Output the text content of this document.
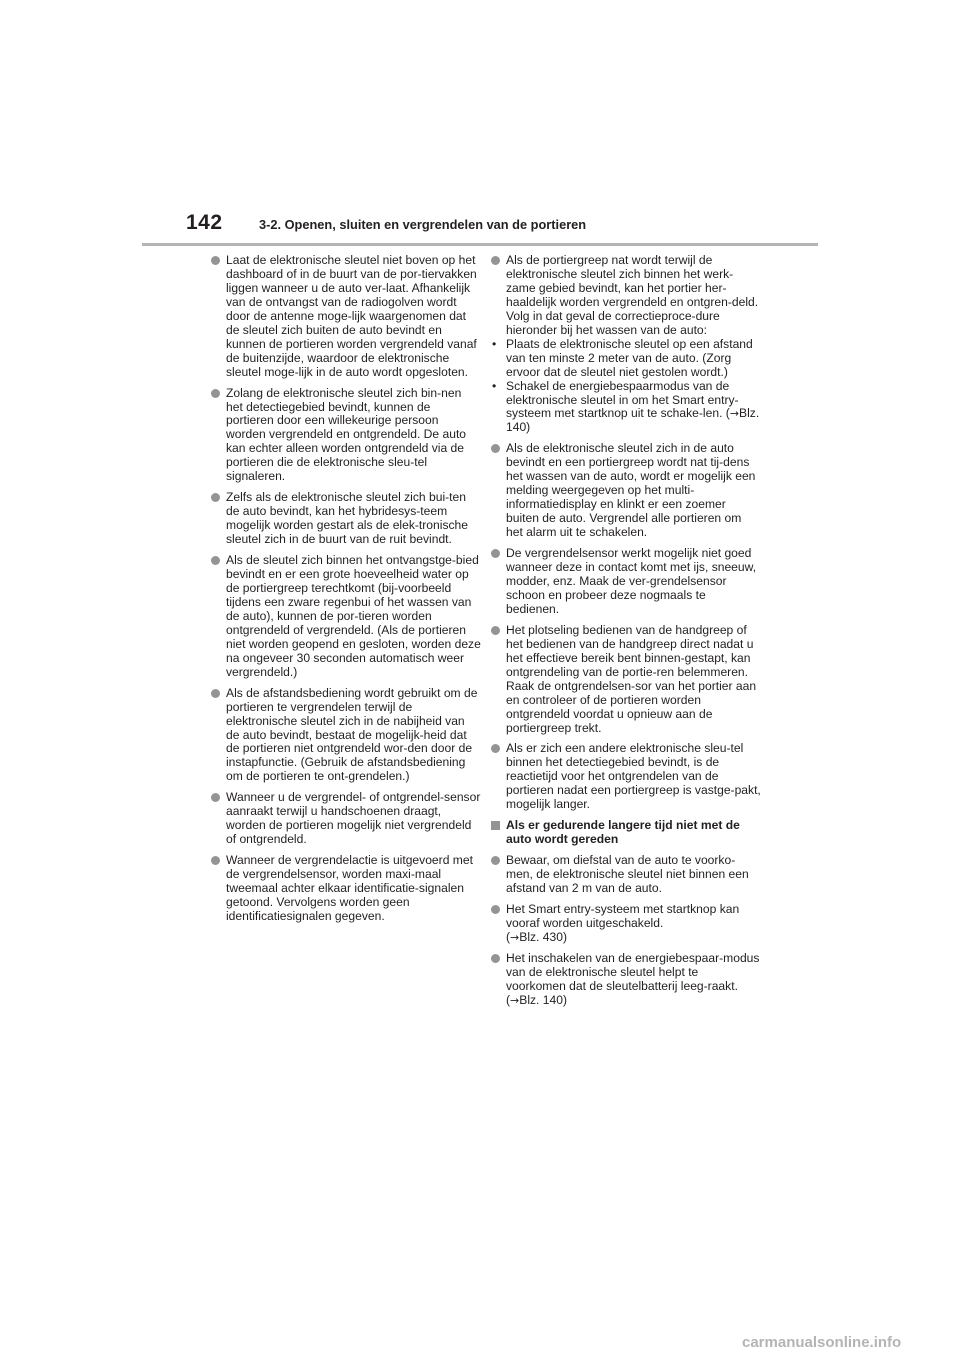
142	3-2. Openen, sluiten en vergrendelen van de portieren
Laat de elektronische sleutel niet boven op het dashboard of in de buurt van de por-tiervakken liggen wanneer u de auto ver-laat. Afhankelijk van de ontvangst van de radiogolven wordt door de antenne moge-lijk waargenomen dat de sleutel zich buiten de auto bevindt en kunnen de portieren worden vergrendeld vanaf de buitenzijde, waardoor de elektronische sleutel moge-lijk in de auto wordt opgesloten.
Zolang de elektronische sleutel zich bin-nen het detectiegebied bevindt, kunnen de portieren door een willekeurige persoon worden vergrendeld en ontgrendeld. De auto kan echter alleen worden ontgrendeld via de portieren die de elektronische sleu-tel signaleren.
Zelfs als de elektronische sleutel zich bui-ten de auto bevindt, kan het hybridesys-teem mogelijk worden gestart als de elek-tronische sleutel zich in de buurt van de ruit bevindt.
Als de sleutel zich binnen het ontvangstge-bied bevindt en er een grote hoeveelheid water op de portiergreep terechtkomt (bij-voorbeeld tijdens een zware regenbui of het wassen van de auto), kunnen de por-tieren worden ontgrendeld of vergrendeld. (Als de portieren niet worden geopend en gesloten, worden deze na ongeveer 30 seconden automatisch weer vergrendeld.)
Als de afstandsbediening wordt gebruikt om de portieren te vergrendelen terwijl de elektronische sleutel zich in de nabijheid van de auto bevindt, bestaat de mogelijk-heid dat de portieren niet ontgrendeld wor-den door de instapfunctie. (Gebruik de afstandsbediening om de portieren te ont-grendelen.)
Wanneer u de vergrendel- of ontgrendel-sensor aanraakt terwijl u handschoenen draagt, worden de portieren mogelijk niet vergrendeld of ontgrendeld.
Wanneer de vergrendelactie is uitgevoerd met de vergrendelsensor, worden maxi-maal tweemaal achter elkaar identificatie-signalen getoond. Vervolgens worden geen identificatiesignalen gegeven.
Als de portiergreep nat wordt terwijl de elektronische sleutel zich binnen het werk-zame gebied bevindt, kan het portier her-haaldelijk worden vergrendeld en ontgren-deld. Volg in dat geval de correctieproce-dure hieronder bij het wassen van de auto:
• Plaats de elektronische sleutel op een afstand van ten minste 2 meter van de auto. (Zorg ervoor dat de sleutel niet gestolen wordt.)
• Schakel de energiebespaarmodus van de elektronische sleutel in om het Smart entry-systeem met startknop uit te schake-len. (→Blz. 140)
Als de elektronische sleutel zich in de auto bevindt en een portiergreep wordt nat tij-dens het wassen van de auto, wordt er mogelijk een melding weergegeven op het multi-informatiedisplay en klinkt er een zoemer buiten de auto. Vergrendel alle portieren om het alarm uit te schakelen.
De vergrendelsensor werkt mogelijk niet goed wanneer deze in contact komt met ijs, sneeuw, modder, enz. Maak de ver-grendelsensor schoon en probeer deze nogmaals te bedienen.
Het plotseling bedienen van de handgreep of het bedienen van de handgreep direct nadat u het effectieve bereik bent binnen-gestapt, kan ontgrendeling van de portie-ren belemmeren. Raak de ontgrendelsen-sor van het portier aan en controleer of de portieren worden ontgrendeld voordat u opnieuw aan de portiergreep trekt.
Als er zich een andere elektronische sleu-tel binnen het detectiegebied bevindt, is de reactietijd voor het ontgrendelen van de portieren nadat een portiergreep is vastge-pakt, mogelijk langer.
Als er gedurende langere tijd niet met de auto wordt gereden
Bewaar, om diefstal van de auto te voorko-men, de elektronische sleutel niet binnen een afstand van 2 m van de auto.
Het Smart entry-systeem met startknop kan vooraf worden uitgeschakeld.
(→Blz. 430)
Het inschakelen van de energiebespaar-modus van de elektronische sleutel helpt te voorkomen dat de sleutelbatterij leeg-raakt. (→Blz. 140)
carmanualsonline.info
